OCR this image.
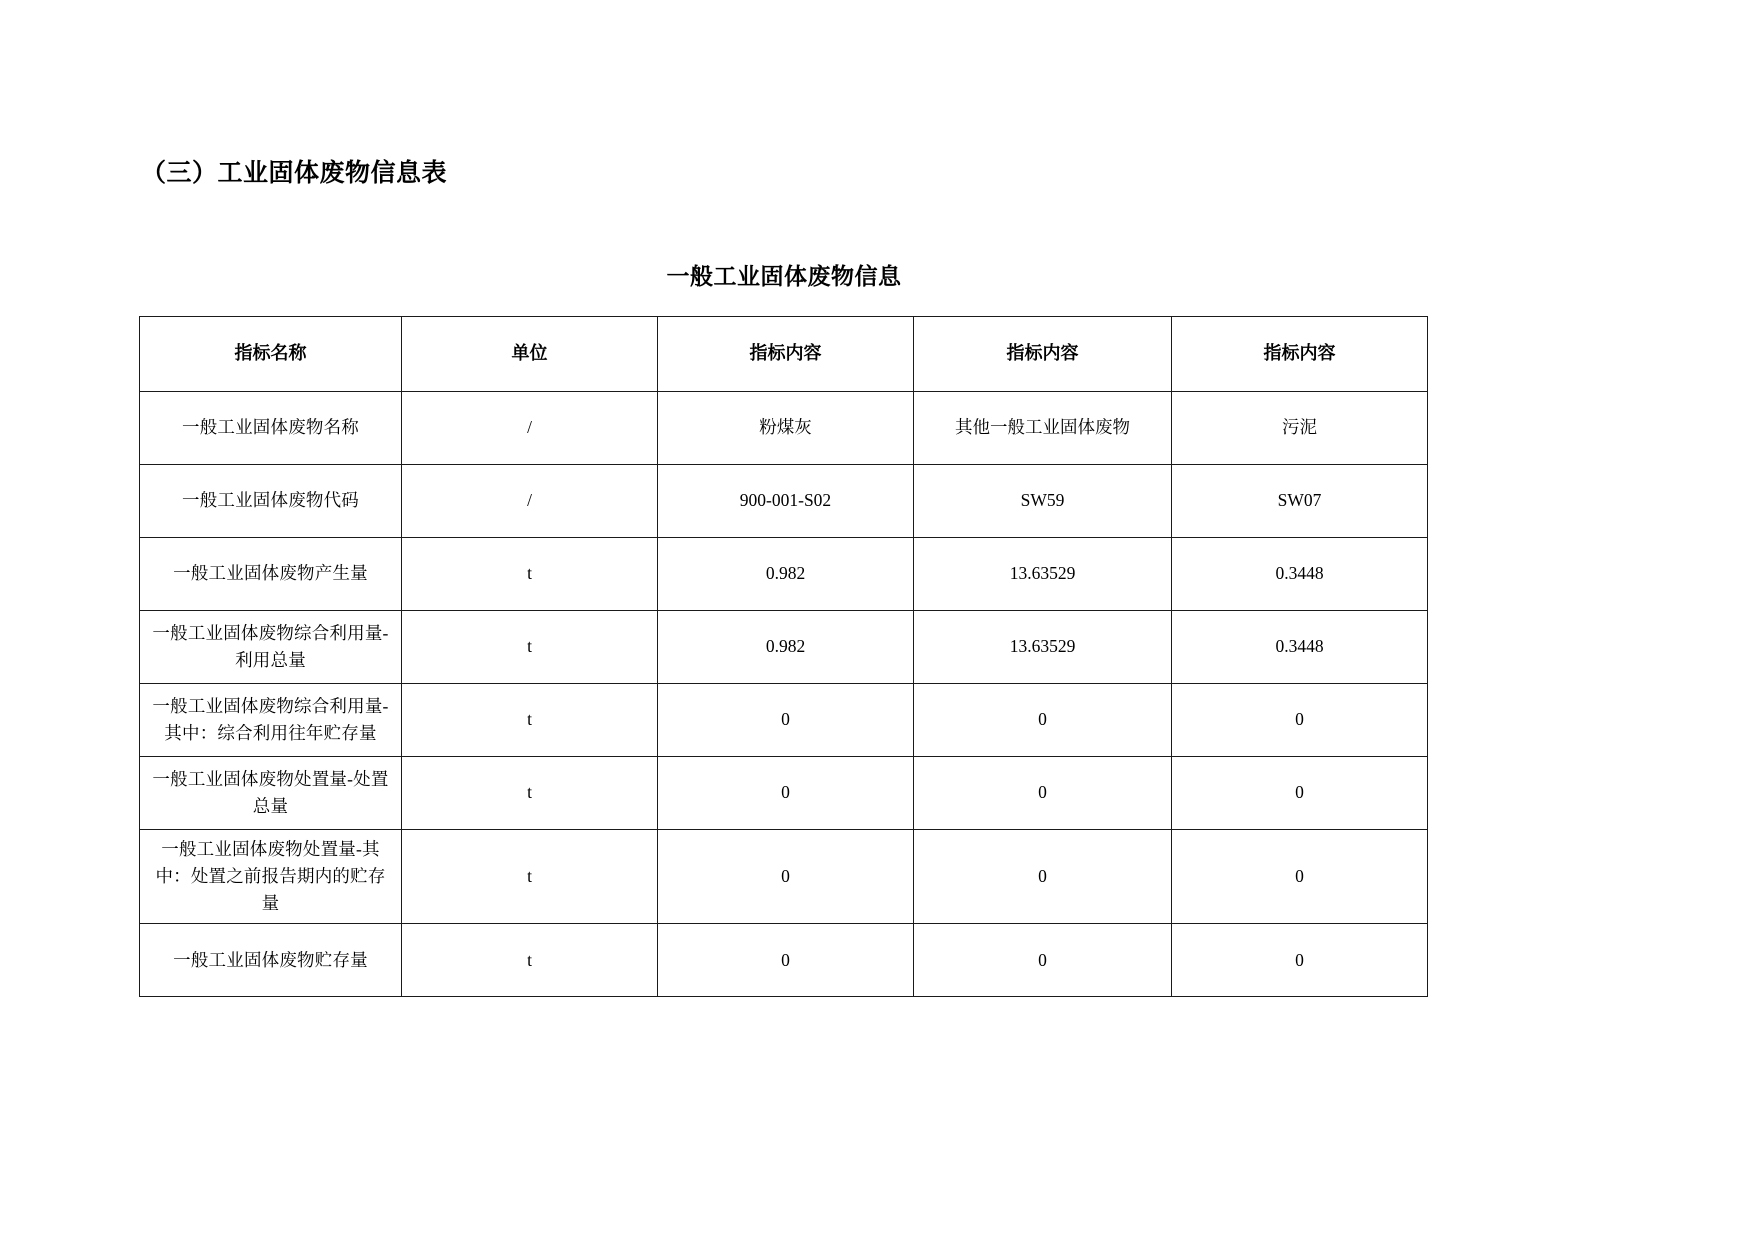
（三）工业固体废物信息表
一般工业固体废物信息
指标名称	单位	指标内容	指标内容	指标内容
一般工业固体废物名称	/	粉煤灰	其他一般工业固体废物	污泥
一般工业固体废物代码	/	900-001-S02	SW59	SW07
一般工业固体废物产生量	t	0.982	13.63529	0.3448
一般工业固体废物综合利用量-利用总量	t	0.982	13.63529	0.3448
一般工业固体废物综合利用量-其中：综合利用往年贮存量	t	0	0	0
一般工业固体废物处置量-处置总量	t	0	0	0
一般工业固体废物处置量-其中：处置之前报告期内的贮存量	t	0	0	0
一般工业固体废物贮存量	t	0	0	0
